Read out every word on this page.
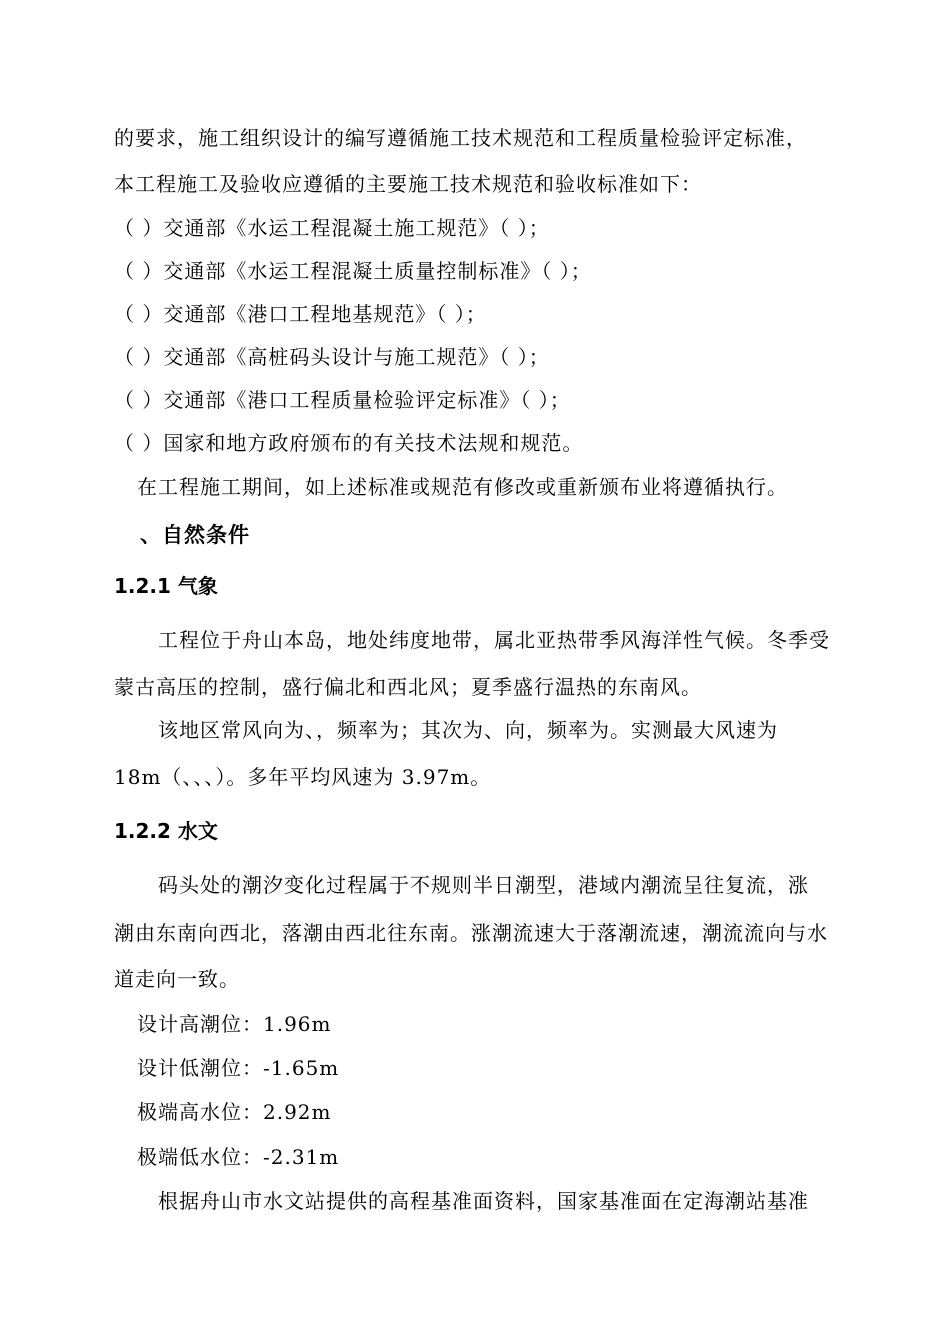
的要求，施工组织设计的编写遵循施工技术规范和工程质量检验评定标准，
本工程施工及验收应遵循的主要施工技术规范和验收标准如下：
（ ）交通部《水运工程混凝土施工规范》（ ）；
（ ）交通部《水运工程混凝土质量控制标准》（ ）；
（ ）交通部《港口工程地基规范》（ ）；
（ ）交通部《高桩码头设计与施工规范》（ ）；
（ ）交通部《港口工程质量检验评定标准》（ ）；
（ ）国家和地方政府颁布的有关技术法规和规范。
在工程施工期间，如上述标准或规范有修改或重新颁布业将遵循执行。
、自然条件
1.2.1 气象
工程位于舟山本岛，地处纬度地带，属北亚热带季风海洋性气候。冬季受
蒙古高压的控制，盛行偏北和西北风；夏季盛行温热的东南风。
该地区常风向为、，频率为；其次为、向，频率为。实测最大风速为
18m（、、、）。多年平均风速为 3.97m。
1.2.2 水文
码头处的潮汐变化过程属于不规则半日潮型，港域内潮流呈往复流，涨
潮由东南向西北，落潮由西北往东南。涨潮流速大于落潮流速，潮流流向与水
道走向一致。
设计高潮位：1.96m
设计低潮位：-1.65m
极端高水位：2.92m
极端低水位：-2.31m
根据舟山市水文站提供的高程基准面资料，国家基准面在定海潮站基准
